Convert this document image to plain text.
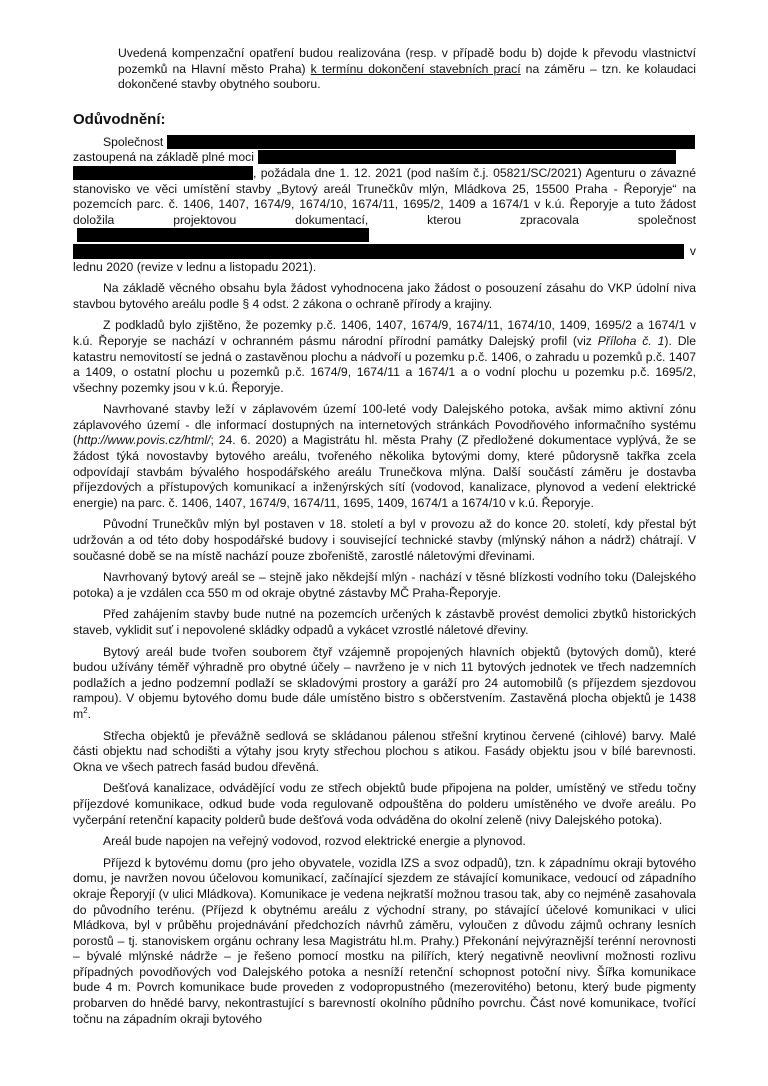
Uvedená kompenzační opatření budou realizována (resp. v případě bodu b) dojde k převodu vlastnictví pozemků na Hlavní město Praha) k termínu dokončení stavebních prací na záměru – tzn. ke kolaudaci dokončené stavby obytného souboru.

Odůvodnění:
Společnost
zastoupená na základě plné moci
, požádala dne 1. 12. 2021 (pod naším č.j. 05821/SC/2021) Agenturu o závazné stanovisko ve věci umístění stavby „Bytový areál Trunečkův mlýn, Mládkova 25, 15500 Praha - Řeporyje“ na pozemcích parc. č. 1406, 1407, 1674/9, 1674/10, 1674/11, 1695/2, 1409 a 1674/1 v k.ú. Řeporyje a tuto žádost doložila projektovou dokumentací, kterou zpracovala společnost
v
lednu 2020 (revize v lednu a listopadu 2021).

Na základě věcného obsahu byla žádost vyhodnocena jako žádost o posouzení zásahu do VKP údolní niva stavbou bytového areálu podle § 4 odst. 2 zákona o ochraně přírody a krajiny.

Z podkladů bylo zjištěno, že pozemky p.č. 1406, 1407, 1674/9, 1674/11, 1674/10, 1409, 1695/2 a 1674/1 v k.ú. Řeporyje se nachází v ochranném pásmu národní přírodní památky Dalejský profil (viz Příloha č. 1). Dle katastru nemovitostí se jedná o zastavěnou plochu a nádvoří u pozemku p.č. 1406, o zahradu u pozemků p.č. 1407 a 1409, o ostatní plochu u pozemků p.č. 1674/9, 1674/11 a 1674/1 a o vodní plochu u pozemku p.č. 1695/2, všechny pozemky jsou v k.ú. Řeporyje.

Navrhované stavby leží v záplavovém území 100-leté vody Dalejského potoka, avšak mimo aktivní zónu záplavového území - dle informací dostupných na internetových stránkách Povodňového informačního systému (http://www.povis.cz/html/; 24. 6. 2020) a Magistrátu hl. města Prahy (Z předložené dokumentace vyplývá, že se žádost týká novostavby bytového areálu, tvořeného několika bytovými domy, které půdorysně takřka zcela odpovídají stavbám bývalého hospodářského areálu Trunečkova mlýna. Další součástí záměru je dostavba příjezdových a přístupových komunikací a inženýrských sítí (vodovod, kanalizace, plynovod a vedení elektrické energie) na parc. č. 1406, 1407, 1674/9, 1674/11, 1695, 1409, 1674/1 a 1674/10 v k.ú. Řeporyje.

Původní Trunečkův mlýn byl postaven v 18. století a byl v provozu až do konce 20. století, kdy přestal být udržován a od této doby hospodářské budovy i související technické stavby (mlýnský náhon a nádrž) chátrají. V současné době se na místě nachází pouze zbořeniště, zarostlé náletovými dřevinami.

Navrhovaný bytový areál se – stejně jako někdejší mlýn - nachází v těsné blízkosti vodního toku (Dalejského potoka) a je vzdálen cca 550 m od okraje obytné zástavby MČ Praha-Řeporyje.

Před zahájením stavby bude nutné na pozemcích určených k zástavbě provést demolici zbytků historických staveb, vyklidit suť i nepovolené skládky odpadů a vykácet vzrostlé náletové dřeviny.

Bytový areál bude tvořen souborem čtyř vzájemně propojených hlavních objektů (bytových domů), které budou užívány téměř výhradně pro obytné účely – navrženo je v nich 11 bytových jednotek ve třech nadzemních podlažích a jedno podzemní podlaží se skladovými prostory a garáží pro 24 automobilů (s příjezdem sjezdovou rampou). V objemu bytového domu bude dále umístěno bistro s občerstvením. Zastavěná plocha objektů je 1438 $m^2$.

Střecha objektů je převážně sedlová se skládanou pálenou střešní krytinou červené (cihlové) barvy. Malé části objektu nad schodišti a výtahy jsou kryty střechou plochou s atikou. Fasády objektu jsou v bílé barevnosti. Okna ve všech patrech fasád budou dřevěná.

Dešťová kanalizace, odvádějící vodu ze střech objektů bude připojena na polder, umístěný ve středu točny příjezdové komunikace, odkud bude voda regulovaně odpouštěna do polderu umístěného ve dvoře areálu. Po vyčerpání retenční kapacity polderů bude dešťová voda odváděna do okolní zeleně (nivy Dalejského potoka).

Areál bude napojen na veřejný vodovod, rozvod elektrické energie a plynovod.

Příjezd k bytovému domu (pro jeho obyvatele, vozidla IZS a svoz odpadů), tzn. k západnímu okraji bytového domu, je navržen novou účelovou komunikací, začínající sjezdem ze stávající komunikace, vedoucí od západního okraje Řeporyjí (v ulici Mládkova). Komunikace je vedena nejkratší možnou trasou tak, aby co nejméně zasahovala do původního terénu. (Příjezd k obytnému areálu z východní strany, po stávající účelové komunikaci v ulici Mládkova, byl v průběhu projednávání předchozích návrhů záměru, vyloučen z důvodu zájmů ochrany lesních porostů – tj. stanoviskem orgánu ochrany lesa Magistrátu hl.m. Prahy.) Překonání nejvýraznější terénní nerovnosti – bývalé mlýnské nádrže – je řešeno pomocí mostku na pilířích, který negativně neovlivní možnosti rozlivu případných povodňových vod Dalejského potoka a nesníží retenční schopnost potoční nivy. Šířka komunikace bude 4 m. Povrch komunikace bude proveden z vodopropustného (mezerovitého) betonu, který bude pigmenty probarven do hnědé barvy, nekontrastující s barevností okolního půdního povrchu. Část nové komunikace, tvořící točnu na západním okraji bytového
